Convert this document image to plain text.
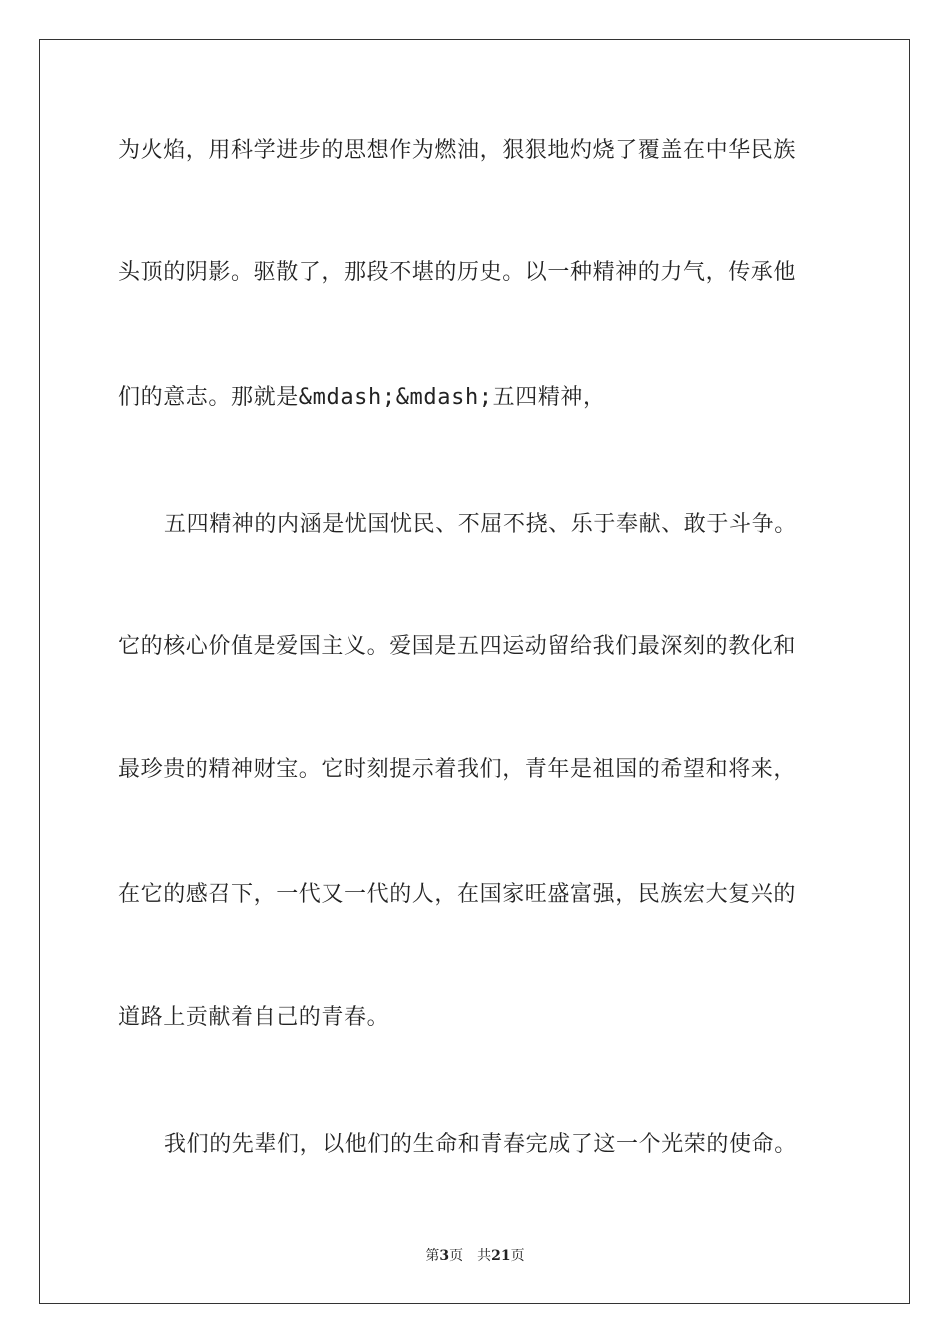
为火焰，用科学进步的思想作为燃油，狠狠地灼烧了覆盖在中华民族
头顶的阴影。驱散了，那段不堪的历史。以一种精神的力气，传承他
们的意志。那就是&mdash;&mdash;五四精神，
五四精神的内涵是忧国忧民、不屈不挠、乐于奉献、敢于斗争。
它的核心价值是爱国主义。爱国是五四运动留给我们最深刻的教化和
最珍贵的精神财宝。它时刻提示着我们，青年是祖国的希望和将来，
在它的感召下，一代又一代的人，在国家旺盛富强，民族宏大复兴的
道路上贡献着自己的青春。
我们的先辈们，以他们的生命和青春完成了这一个光荣的使命。
第3页 共21页
